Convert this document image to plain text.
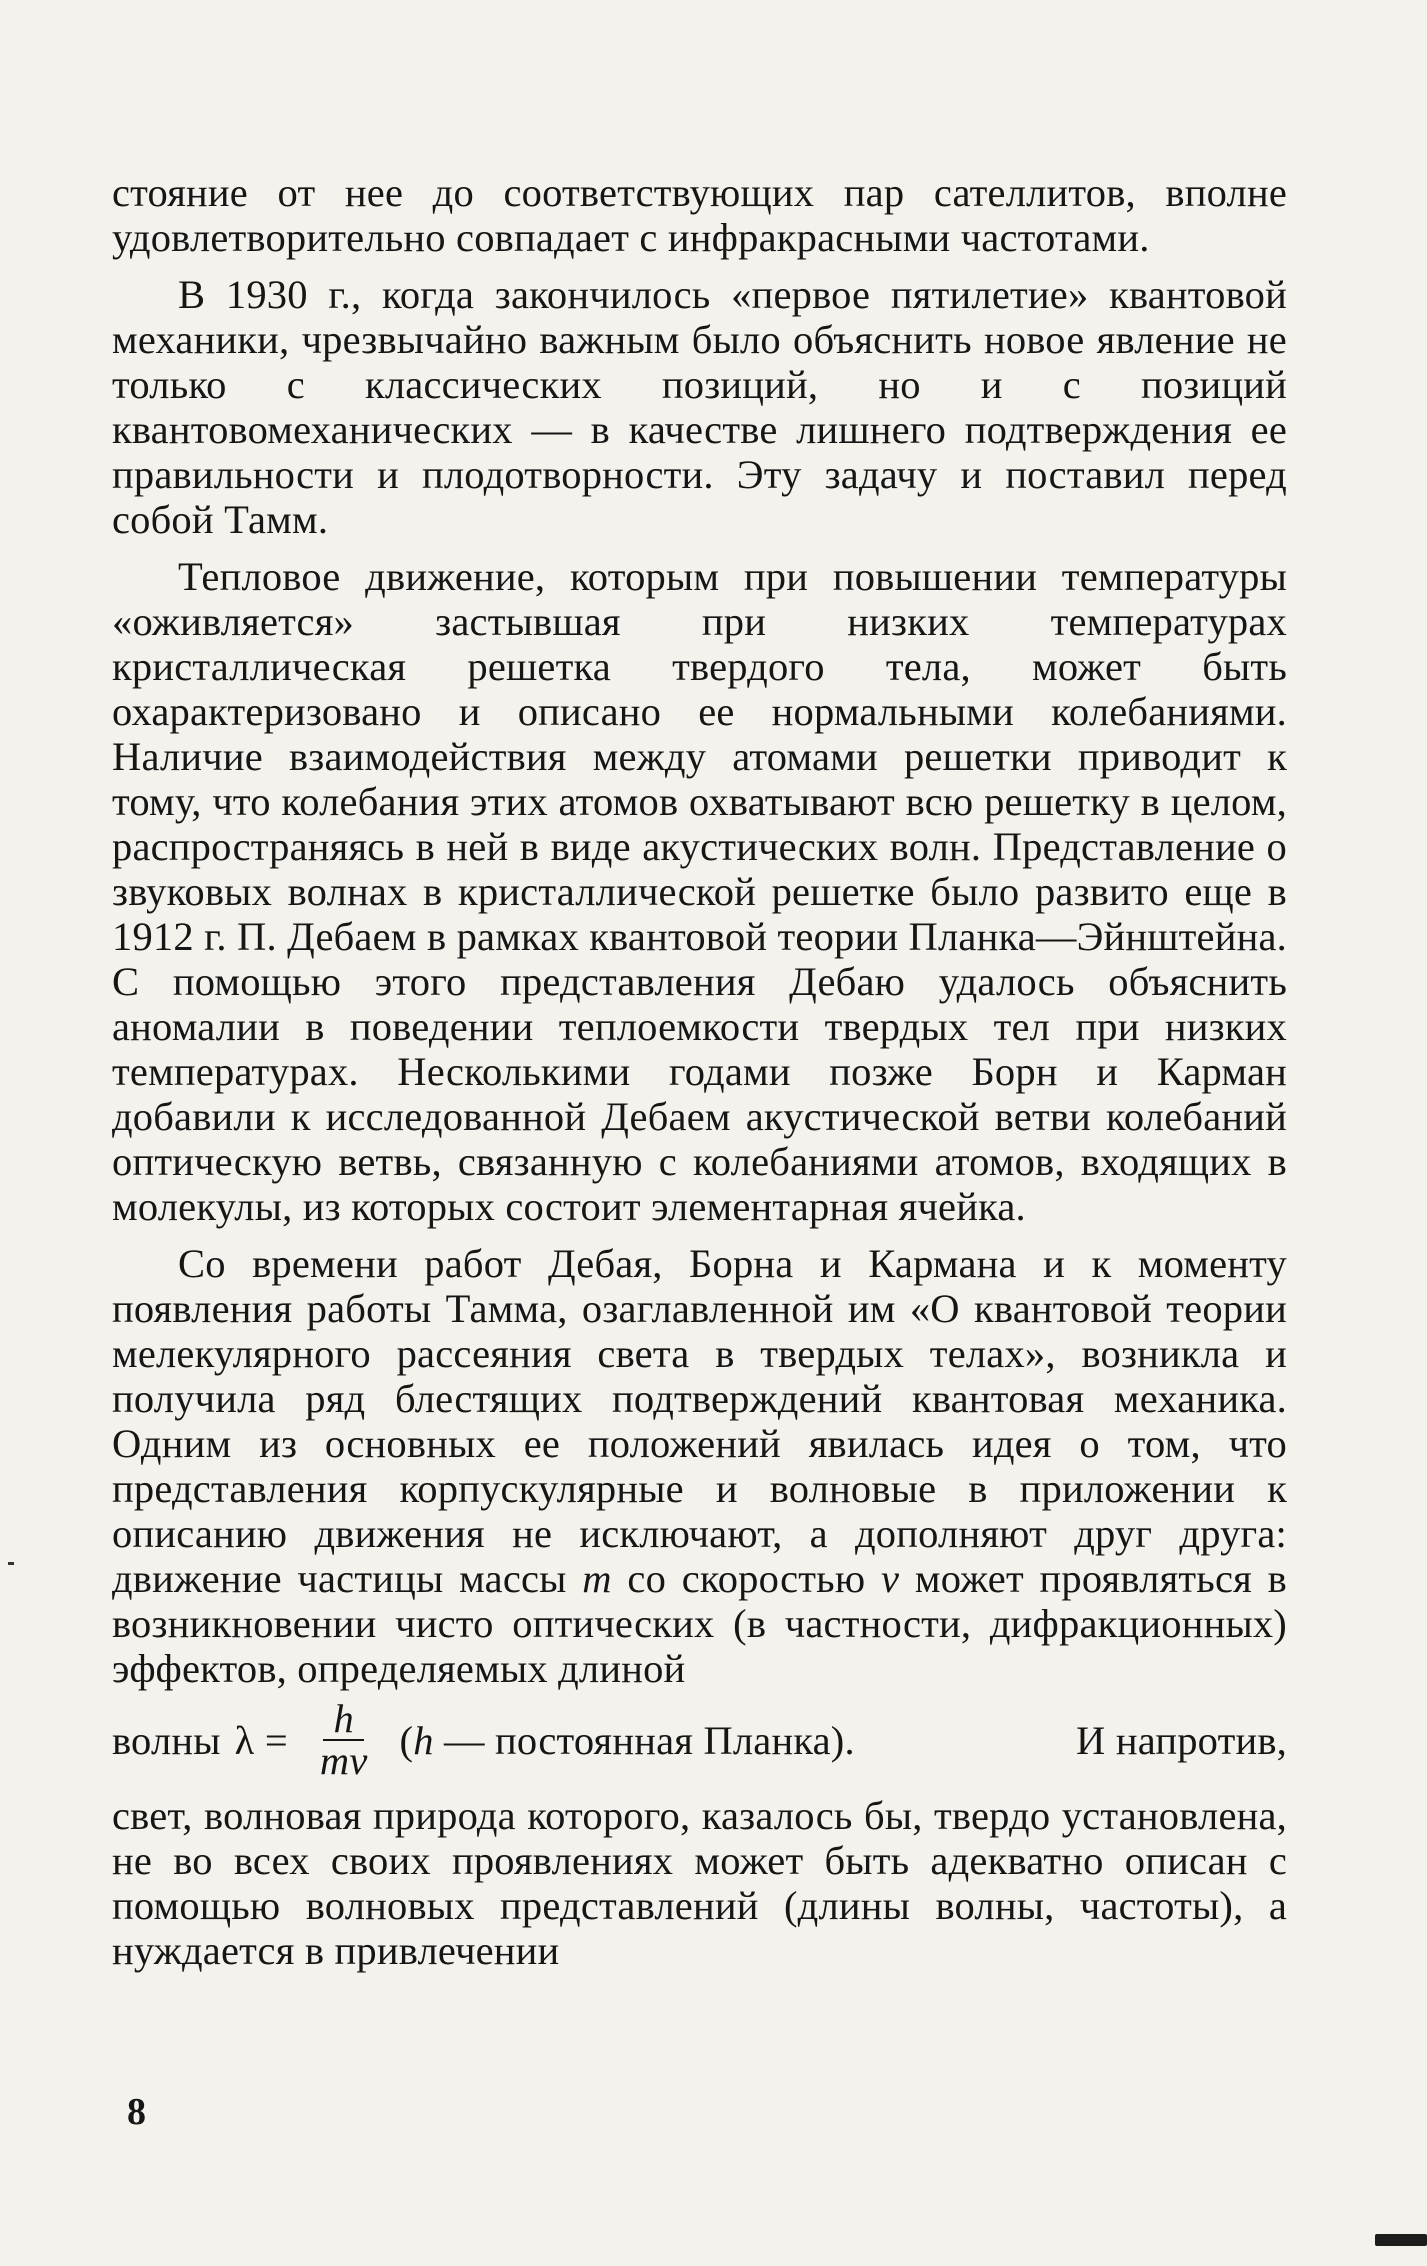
стояние от нее до соответствующих пар сателлитов, вполне удовлетворительно совпадает с инфракрасными частотами.

В 1930 г., когда закончилось «первое пятилетие» квантовой механики, чрезвычайно важным было объяснить новое явление не только с классических позиций, но и с позиций квантовомеханических — в качестве лишнего подтверждения ее правильности и плодотворности. Эту задачу и поставил перед собой Тамм.

Тепловое движение, которым при повышении температуры «оживляется» застывшая при низких температурах кристаллическая решетка твердого тела, может быть охарактеризовано и описано ее нормальными колебаниями. Наличие взаимодействия между атомами решетки приводит к тому, что колебания этих атомов охватывают всю решетку в целом, распространяясь в ней в виде акустических волн. Представление о звуковых волнах в кристаллической решетке было развито еще в 1912 г. П. Дебаем в рамках квантовой теории Планка—Эйнштейна. С помощью этого представления Дебаю удалось объяснить аномалии в поведении теплоемкости твердых тел при низких температурах. Несколькими годами позже Борн и Карман добавили к исследованной Дебаем акустической ветви колебаний оптическую ветвь, связанную с колебаниями атомов, входящих в молекулы, из которых состоит элементарная ячейка.

Со времени работ Дебая, Борна и Кармана и к моменту появления работы Тамма, озаглавленной им «О квантовой теории мелекулярного рассеяния света в твердых телах», возникла и получила ряд блестящих подтверждений квантовая механика. Одним из основных ее положений явилась идея о том, что представления корпускулярные и волновые в приложении к описанию движения не исключают, а дополняют друг друга: движение частицы массы m со скоростью v может проявляться в возникновении чисто оптических (в частности, дифракционных) эффектов, определяемых длиной

волны $\lambda = \frac{h}{mv} (h$ — постоянная Планка).	И напротив,

свет, волновая природа которого, казалось бы, твердо установлена, не во всех своих проявлениях может быть адекватно описан с помощью волновых представлений (длины волны, частоты), а нуждается в привлечении

8
